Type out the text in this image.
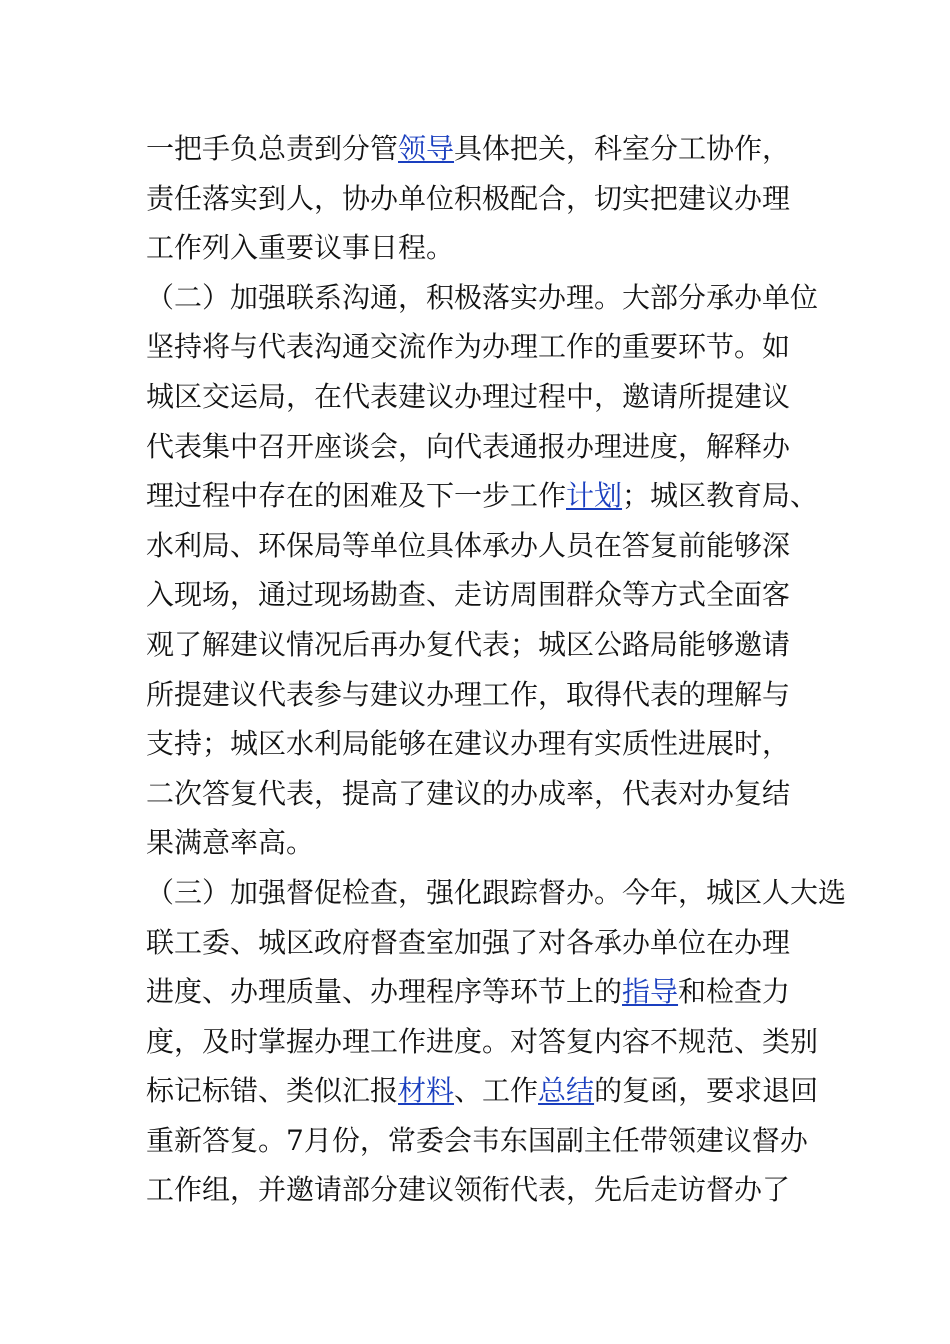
一把手负总责到分管领导具体把关，科室分工协作，
责任落实到人，协办单位积极配合，切实把建议办理
工作列入重要议事日程。
（二）加强联系沟通，积极落实办理。大部分承办单位
坚持将与代表沟通交流作为办理工作的重要环节。如
城区交运局，在代表建议办理过程中，邀请所提建议
代表集中召开座谈会，向代表通报办理进度，解释办
理过程中存在的困难及下一步工作计划；城区教育局、
水利局、环保局等单位具体承办人员在答复前能够深
入现场，通过现场勘查、走访周围群众等方式全面客
观了解建议情况后再办复代表；城区公路局能够邀请
所提建议代表参与建议办理工作，取得代表的理解与
支持；城区水利局能够在建议办理有实质性进展时，
二次答复代表，提高了建议的办成率，代表对办复结
果满意率高。
（三）加强督促检查，强化跟踪督办。今年，城区人大选
联工委、城区政府督查室加强了对各承办单位在办理
进度、办理质量、办理程序等环节上的指导和检查力
度，及时掌握办理工作进度。对答复内容不规范、类别
标记标错、类似汇报材料、工作总结的复函，要求退回
重新答复。7月份，常委会韦东国副主任带领建议督办
工作组，并邀请部分建议领衔代表，先后走访督办了
